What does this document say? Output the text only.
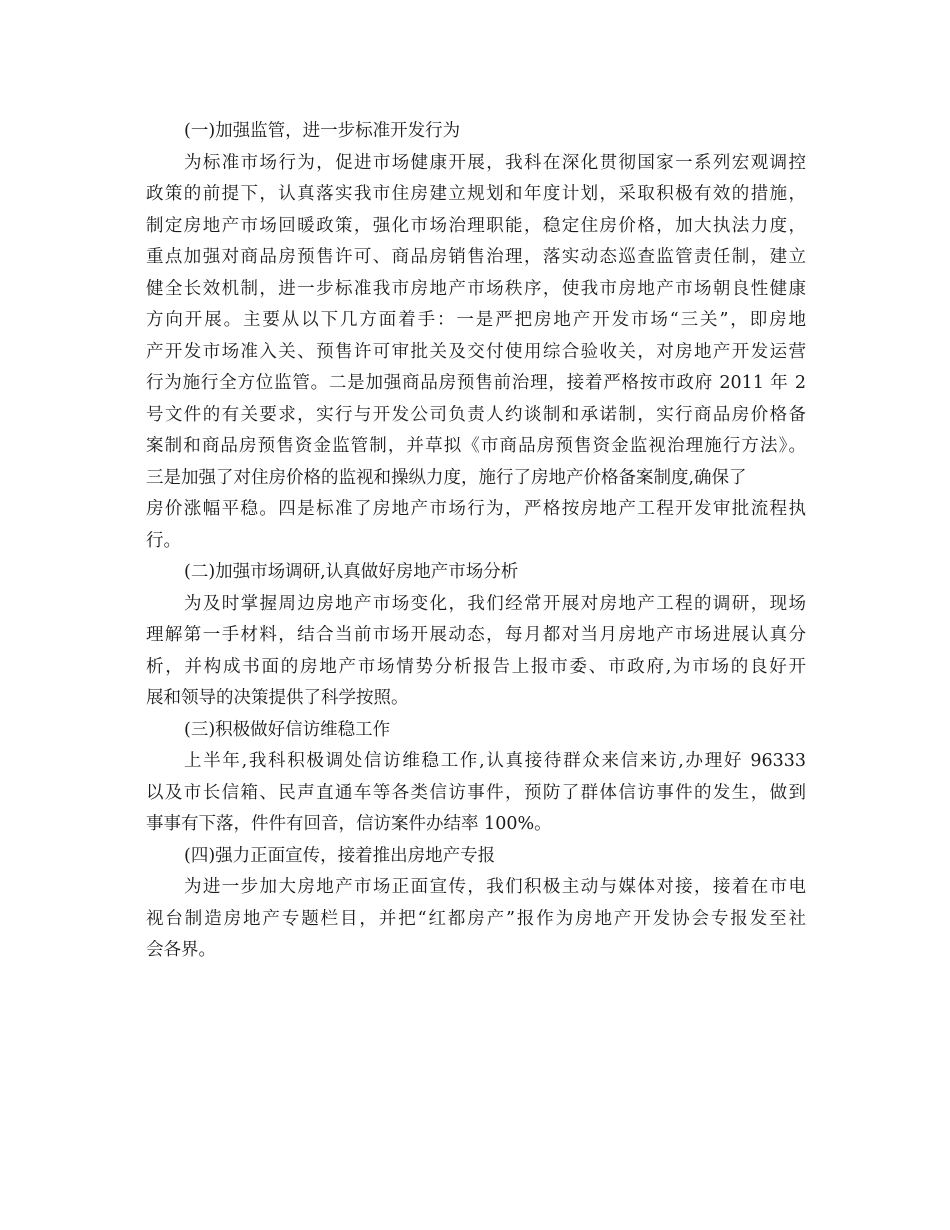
(一)加强监管，进一步标准开发行为
为标准市场行为，促进市场健康开展，我科在深化贯彻国家一系列宏观调控
政策的前提下，认真落实我市住房建立规划和年度计划，采取积极有效的措施，
制定房地产市场回暖政策，强化市场治理职能，稳定住房价格，加大执法力度，
重点加强对商品房预售许可、商品房销售治理，落实动态巡查监管责任制，建立
健全长效机制，进一步标准我市房地产市场秩序，使我市房地产市场朝良性健康
方向开展。主要从以下几方面着手：一是严把房地产开发市场“三关”，即房地
产开发市场准入关、预售许可审批关及交付使用综合验收关，对房地产开发运营
行为施行全方位监管。二是加强商品房预售前治理，接着严格按市政府 2011 年 2
号文件的有关要求，实行与开发公司负责人约谈制和承诺制，实行商品房价格备
案制和商品房预售资金监管制，并草拟《市商品房预售资金监视治理施行方法》。
三是加强了对住房价格的监视和操纵力度，施行了房地产价格备案制度,确保了
房价涨幅平稳。四是标准了房地产市场行为，严格按房地产工程开发审批流程执
行。
(二)加强市场调研,认真做好房地产市场分析
为及时掌握周边房地产市场变化，我们经常开展对房地产工程的调研，现场
理解第一手材料，结合当前市场开展动态，每月都对当月房地产市场进展认真分
析，并构成书面的房地产市场情势分析报告上报市委、市政府,为市场的良好开
展和领导的决策提供了科学按照。
(三)积极做好信访维稳工作
上半年,我科积极调处信访维稳工作,认真接待群众来信来访,办理好 96333
以及市长信箱、民声直通车等各类信访事件，预防了群体信访事件的发生，做到
事事有下落，件件有回音，信访案件办结率 100%。
(四)强力正面宣传，接着推出房地产专报
为进一步加大房地产市场正面宣传，我们积极主动与媒体对接，接着在市电
视台制造房地产专题栏目，并把“红都房产”报作为房地产开发协会专报发至社
会各界。
